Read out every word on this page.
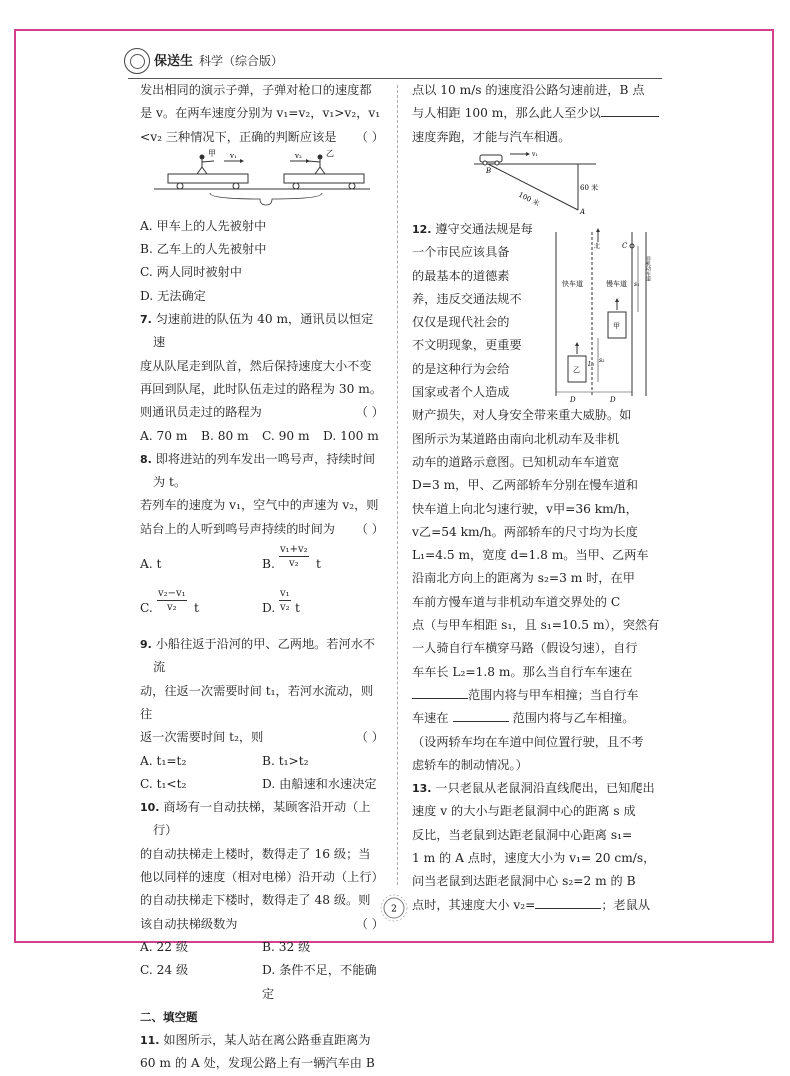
保送生 科学（综合版）

发出相同的演示子弹，子弹对枪口的速度都

是 v。在两车速度分别为 v₁=v₂，v₁>v₂，v₁

<v₂ 三种情况下，正确的判断应该是 （ ）

甲	乙
v₁	v₂

A. 甲车上的人先被射中

B. 乙车上的人先被射中

C. 两人同时被射中

D. 无法确定

7. 匀速前进的队伍为 40 m，通讯员以恒定速

度从队尾走到队首，然后保持速度大小不变

再回到队尾，此时队伍走过的路程为 30 m。

则通讯员走过的路程为	（ ）

A. 70 m	B. 80 m	C. 90 m	D. 100 m

8. 即将进站的列车发出一鸣号声，持续时间为 t。

若列车的速度为 v₁，空气中的声速为 v₂，则

站台上的人听到鸣号声持续的时间为 （ ）

A. t	B. $\frac{\text{v₁+v₂}}{\text{v₂}}$ t
C. $\frac{\text{v₂−v₁}}{\text{v₂}}$ t	D. $\frac{\text{v₁}}{\text{v₂}}$ t

9. 小船往返于沿河的甲、乙两地。若河水不流

动，往返一次需要时间 t₁，若河水流动，则往

返一次需要时间 t₂，则	（ ）

A. t₁=t₂	B. t₁>t₂

C. t₁<t₂	D. 由船速和水速决定

10. 商场有一自动扶梯，某顾客沿开动（上行）

的自动扶梯走上楼时，数得走了 16 级；当

他以同样的速度（相对电梯）沿开动（上行）

的自动扶梯走下楼时，数得走了 48 级。则

该自动扶梯级数为	（ ）

A. 22 级	B. 32 级

C. 24 级	D. 条件不足，不能确定

二、填空题

11. 如图所示，某人站在离公路垂直距离为

60 m 的 A 处，发现公路上有一辆汽车由 B

点以 10 m/s 的速度沿公路匀速前进，B 点

与人相距 100 m，那么此人至少以

速度奔跑，才能与汽车相遇。

v₁
B
A
100 米
60 米

12. 遵守交通法规是每

一个市民应该具备

的最基本的道德素

养，违反交通法规不

仅仅是现代社会的

不文明现象，更重要

的是这种行为会给

国家或者个人造成

财产损失，对人身安全带来重大威胁。如

图所示为某道路由南向北机动车及非机

动车的道路示意图。已知机动车车道宽

D=3 m，甲、乙两部轿车分别在慢车道和

快车道上向北匀速行驶，v甲=36 km/h，

v乙=54 km/h。两部轿车的尺寸均为长度

L₁=4.5 m，宽度 d=1.8 m。当甲、乙两车

沿南北方向上的距离为 s₂=3 m 时，在甲

车前方慢车道与非机动车道交界处的 C

点（与甲车相距 s₁，且 s₁=10.5 m），突然有

一人骑自行车横穿马路（假设匀速），自行

车车长 L₂=1.8 m。那么当自行车车速在

范围内将与甲车相撞；当自行车

车速在	范围内将与乙车相撞。

（设两轿车均在车道中间位置行驶，且不考

虑轿车的制动情况。）

13. 一只老鼠从老鼠洞沿直线爬出，已知爬出

速度 v 的大小与距老鼠洞中心的距离 s 成

反比，当老鼠到达距老鼠洞中心距离 s₁=

1 m 的 A 点时，速度大小为 v₁= 20 cm/s，

问当老鼠到达距老鼠洞中心 s₂=2 m 的 B

点时，其速度大小 v₂=	；老鼠从

北
快车道	慢车道
非机动车道
甲
乙
C
s₁
s₂
L₁
D	D
2
